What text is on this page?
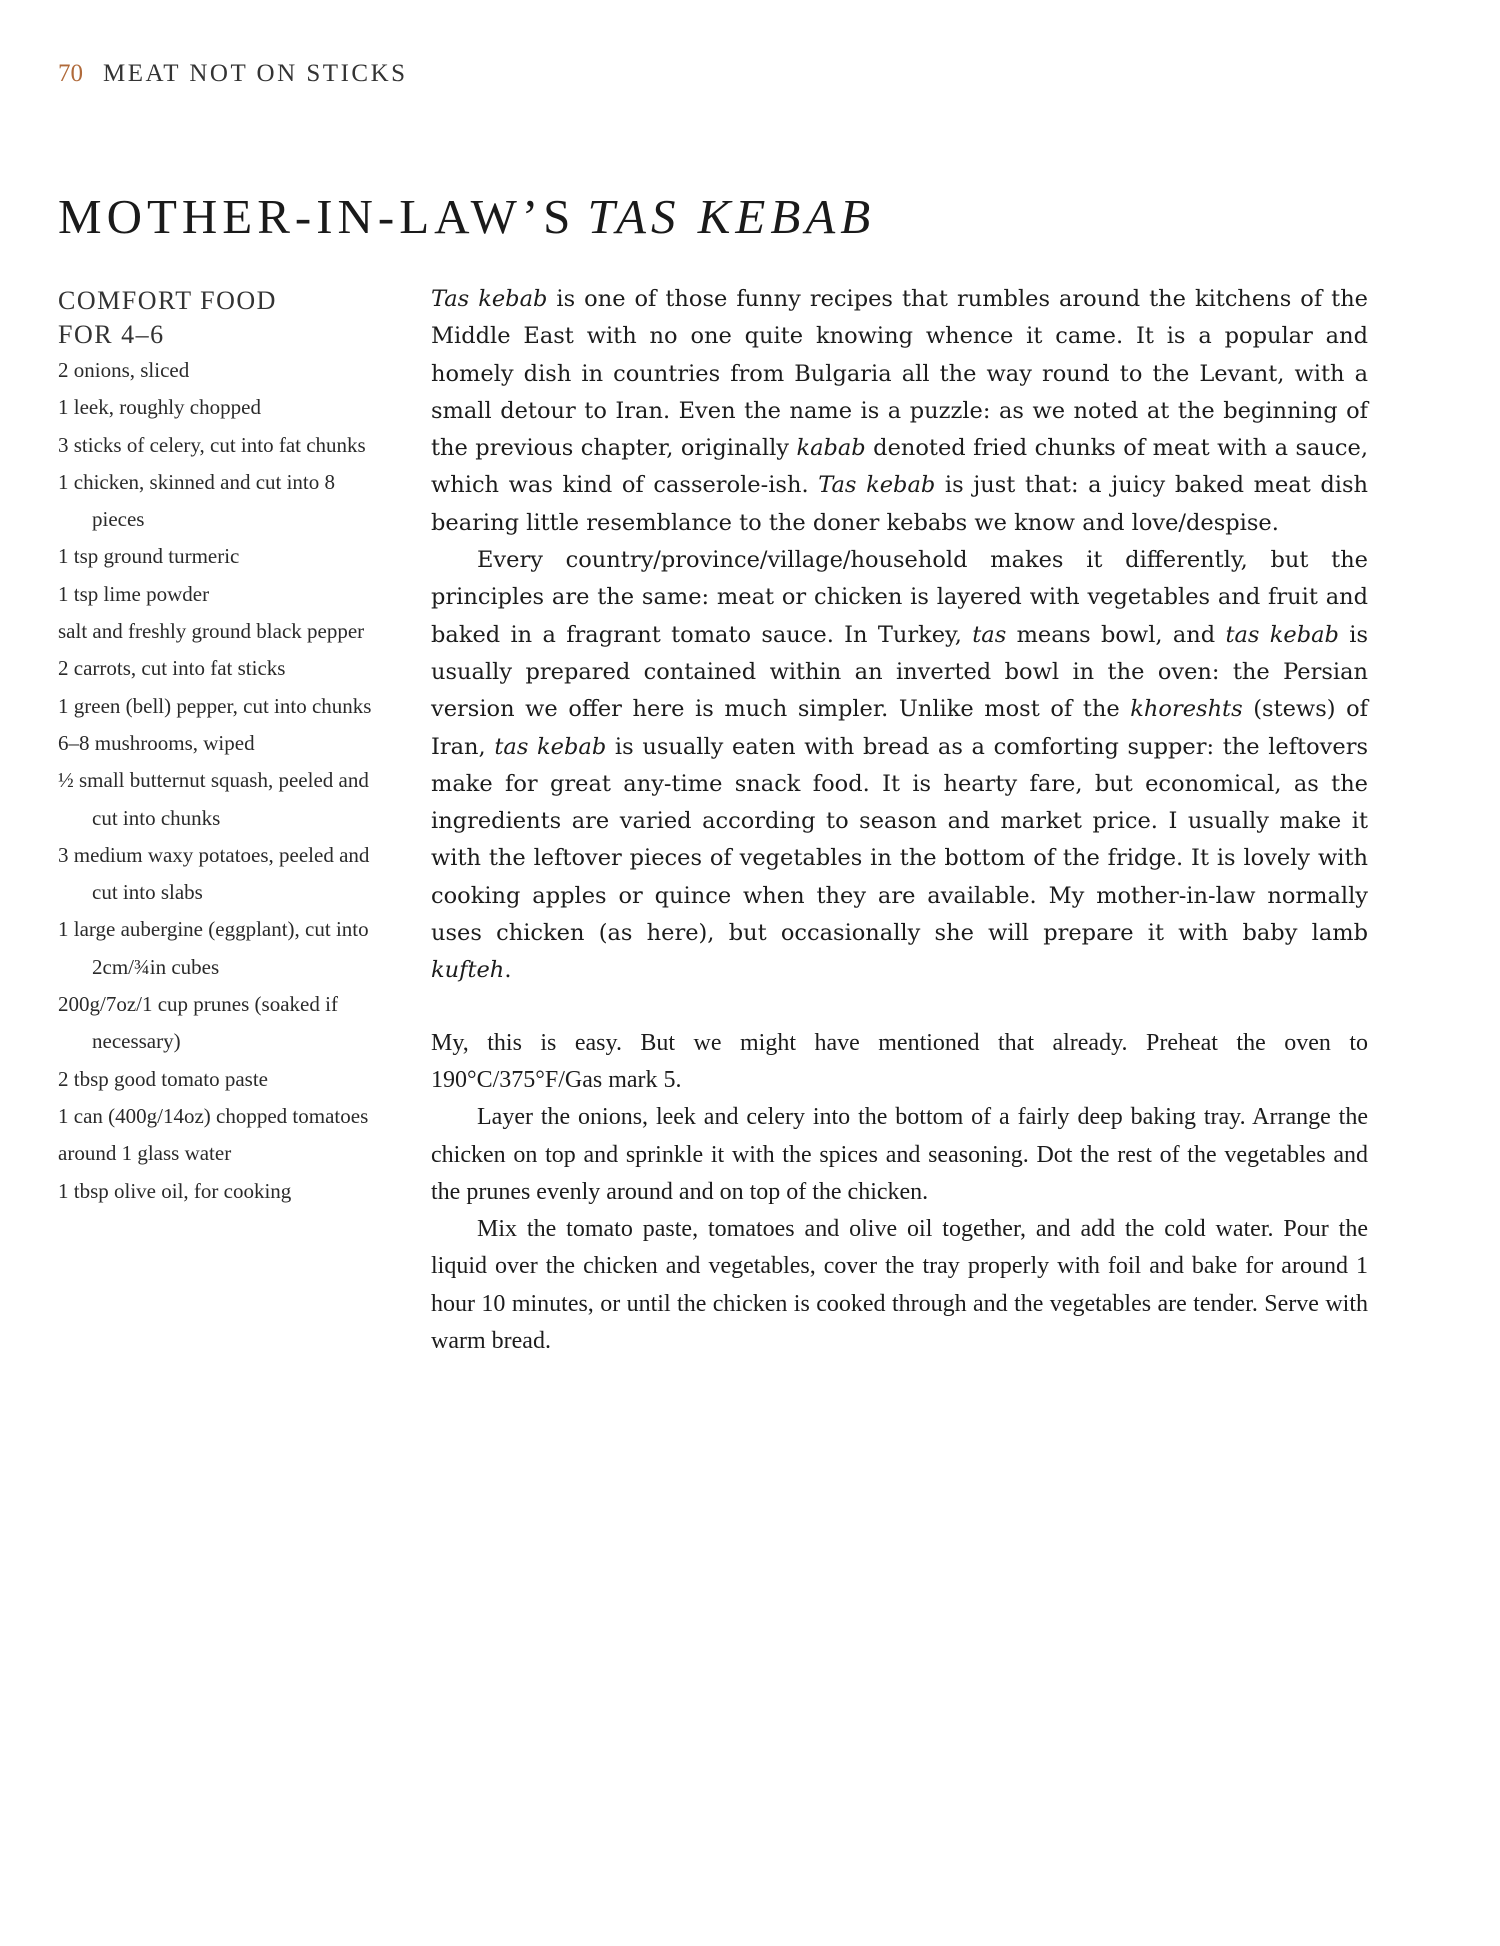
70 MEAT NOT ON STICKS
MOTHER-IN-LAW’S TAS KEBAB
COMFORT FOOD
FOR 4–6
2 onions, sliced
1 leek, roughly chopped
3 sticks of celery, cut into fat chunks
1 chicken, skinned and cut into 8 pieces
1 tsp ground turmeric
1 tsp lime powder
salt and freshly ground black pepper
2 carrots, cut into fat sticks
1 green (bell) pepper, cut into chunks
6–8 mushrooms, wiped
½ small butternut squash, peeled and cut into chunks
3 medium waxy potatoes, peeled and cut into slabs
1 large aubergine (eggplant), cut into 2cm/¾in cubes
200g/7oz/1 cup prunes (soaked if necessary)
2 tbsp good tomato paste
1 can (400g/14oz) chopped tomatoes
around 1 glass water
1 tbsp olive oil, for cooking

Tas kebab is one of those funny recipes that rumbles around the kitchens of the Middle East with no one quite knowing whence it came. It is a popular and homely dish in countries from Bulgaria all the way round to the Levant, with a small detour to Iran. Even the name is a puzzle: as we noted at the beginning of the previous chapter, originally kabab denoted fried chunks of meat with a sauce, which was kind of casserole-ish. Tas kebab is just that: a juicy baked meat dish bearing little resemblance to the doner kebabs we know and love/despise.

Every country/province/village/household makes it differently, but the principles are the same: meat or chicken is layered with vegetables and fruit and baked in a fragrant tomato sauce. In Turkey, tas means bowl, and tas kebab is usually prepared contained within an inverted bowl in the oven: the Persian version we offer here is much simpler. Unlike most of the khoreshts (stews) of Iran, tas kebab is usually eaten with bread as a comforting supper: the leftovers make for great any-time snack food. It is hearty fare, but economical, as the ingredients are varied according to season and market price. I usually make it with the leftover pieces of vegetables in the bottom of the fridge. It is lovely with cooking apples or quince when they are available. My mother-in-law normally uses chicken (as here), but occasionally she will prepare it with baby lamb kufteh.

My, this is easy. But we might have mentioned that already. Preheat the oven to 190°C/375°F/Gas mark 5.

Layer the onions, leek and celery into the bottom of a fairly deep baking tray. Arrange the chicken on top and sprinkle it with the spices and seasoning. Dot the rest of the vegetables and the prunes evenly around and on top of the chicken.

Mix the tomato paste, tomatoes and olive oil together, and add the cold water. Pour the liquid over the chicken and vegetables, cover the tray properly with foil and bake for around 1 hour 10 minutes, or until the chicken is cooked through and the vegetables are tender. Serve with warm bread.
